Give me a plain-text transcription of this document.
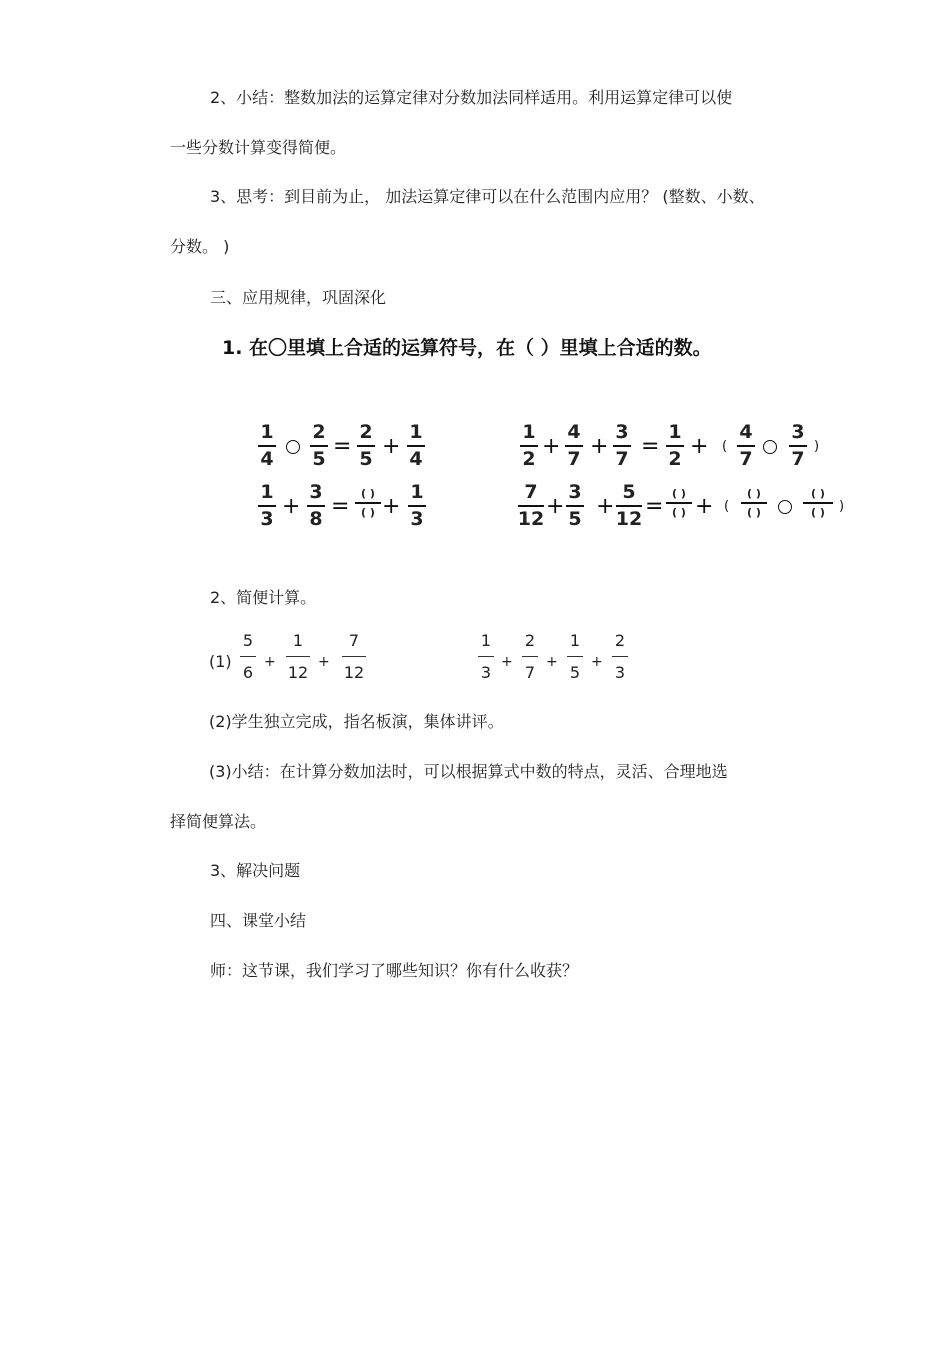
2、小结：整数加法的运算定律对分数加法同样适用。利用运算定律可以使
一些分数计算变得简便。
3、思考：到目前为止， 加法运算定律可以在什么范围内应用？ (整数、小数、
分数。 )
三、应用规律，巩固深化
1. 在〇里填上合适的运算符号，在（ ）里填上合适的数。
1
4
2
5 =
2
5 +
1
4
1
2 +
4
7 +
3
7 =
1
2 + (
4
7
3
7
)
1
3 +
3
8 =
( )
( ) +
1
3
7
12 +
3
5 +
5
12 =
( )
( ) + (
( )
( )
( )
( ) )
2、简便计算。
(1)
5
6
+
1
12
+
7
12
1
3
+
2
7
+
1
5
+
2
3
(2)学生独立完成，指名板演，集体讲评。
(3)小结：在计算分数加法时，可以根据算式中数的特点，灵活、合理地选
择简便算法。
3、解决问题
四、课堂小结
师：这节课，我们学习了哪些知识？你有什么收获？
